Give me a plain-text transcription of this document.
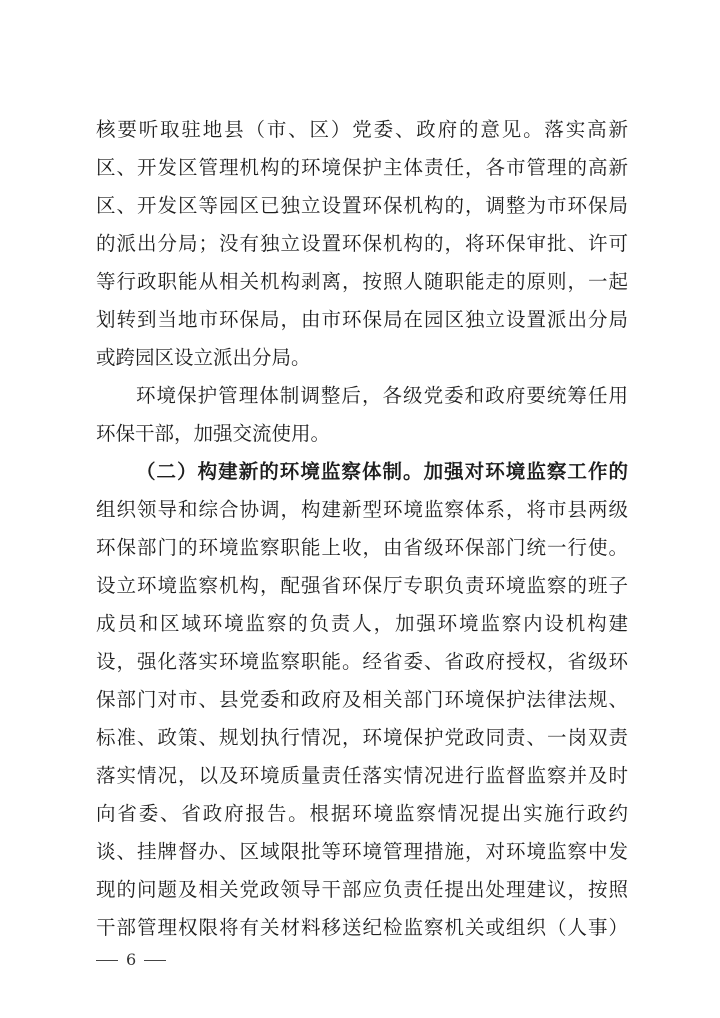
核要听取驻地县（市、区）党委、政府的意见。落实高新
区、开发区管理机构的环境保护主体责任，各市管理的高新
区、开发区等园区已独立设置环保机构的，调整为市环保局
的派出分局；没有独立设置环保机构的，将环保审批、许可
等行政职能从相关机构剥离，按照人随职能走的原则，一起
划转到当地市环保局，由市环保局在园区独立设置派出分局
或跨园区设立派出分局。
环境保护管理体制调整后，各级党委和政府要统筹任用
环保干部，加强交流使用。
（二）构建新的环境监察体制。加强对环境监察工作的
组织领导和综合协调，构建新型环境监察体系，将市县两级
环保部门的环境监察职能上收，由省级环保部门统一行使。
设立环境监察机构，配强省环保厅专职负责环境监察的班子
成员和区域环境监察的负责人，加强环境监察内设机构建
设，强化落实环境监察职能。经省委、省政府授权，省级环
保部门对市、县党委和政府及相关部门环境保护法律法规、
标准、政策、规划执行情况，环境保护党政同责、一岗双责
落实情况，以及环境质量责任落实情况进行监督监察并及时
向省委、省政府报告。根据环境监察情况提出实施行政约
谈、挂牌督办、区域限批等环境管理措施，对环境监察中发
现的问题及相关党政领导干部应负责任提出处理建议，按照
干部管理权限将有关材料移送纪检监察机关或组织（人事）
6
